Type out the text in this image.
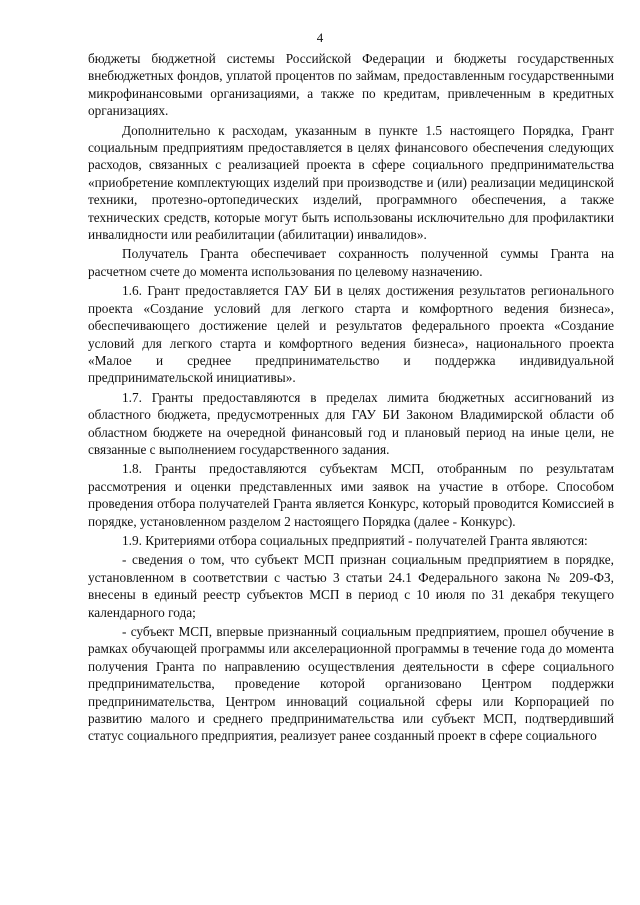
4

бюджеты бюджетной системы Российской Федерации и бюджеты государственных внебюджетных фондов, уплатой процентов по займам, предоставленным государственными микрофинансовыми организациями, а также по кредитам, привлеченным в кредитных организациях.

Дополнительно к расходам, указанным в пункте 1.5 настоящего Порядка, Грант социальным предприятиям предоставляется в целях финансового обеспечения следующих расходов, связанных с реализацией проекта в сфере социального предпринимательства «приобретение комплектующих изделий при производстве и (или) реализации медицинской техники, протезно-ортопедических изделий, программного обеспечения, а также технических средств, которые могут быть использованы исключительно для профилактики инвалидности или реабилитации (абилитации) инвалидов».

Получатель Гранта обеспечивает сохранность полученной суммы Гранта на расчетном счете до момента использования по целевому назначению.

1.6. Грант предоставляется ГАУ БИ в целях достижения результатов регионального проекта «Создание условий для легкого старта и комфортного ведения бизнеса», обеспечивающего достижение целей и результатов федерального проекта «Создание условий для легкого старта и комфортного ведения бизнеса», национального проекта «Малое и среднее предпринимательство и поддержка индивидуальной предпринимательской инициативы».

1.7. Гранты предоставляются в пределах лимита бюджетных ассигнований из областного бюджета, предусмотренных для ГАУ БИ Законом Владимирской области об областном бюджете на очередной финансовый год и плановый период на иные цели, не связанные с выполнением государственного задания.

1.8. Гранты предоставляются субъектам МСП, отобранным по результатам рассмотрения и оценки представленных ими заявок на участие в отборе. Способом проведения отбора получателей Гранта является Конкурс, который проводится Комиссией в порядке, установленном разделом 2 настоящего Порядка (далее - Конкурс).

1.9. Критериями отбора социальных предприятий - получателей Гранта являются:

- сведения о том, что субъект МСП признан социальным предприятием в порядке, установленном в соответствии с частью 3 статьи 24.1 Федерального закона № 209-ФЗ, внесены в единый реестр субъектов МСП в период с 10 июля по 31 декабря текущего календарного года;

- субъект МСП, впервые признанный социальным предприятием, прошел обучение в рамках обучающей программы или акселерационной программы в течение года до момента получения Гранта по направлению осуществления деятельности в сфере социального предпринимательства, проведение которой организовано Центром поддержки предпринимательства, Центром инноваций социальной сферы или Корпорацией по развитию малого и среднего предпринимательства или субъект МСП, подтвердивший статус социального предприятия, реализует ранее созданный проект в сфере социального
